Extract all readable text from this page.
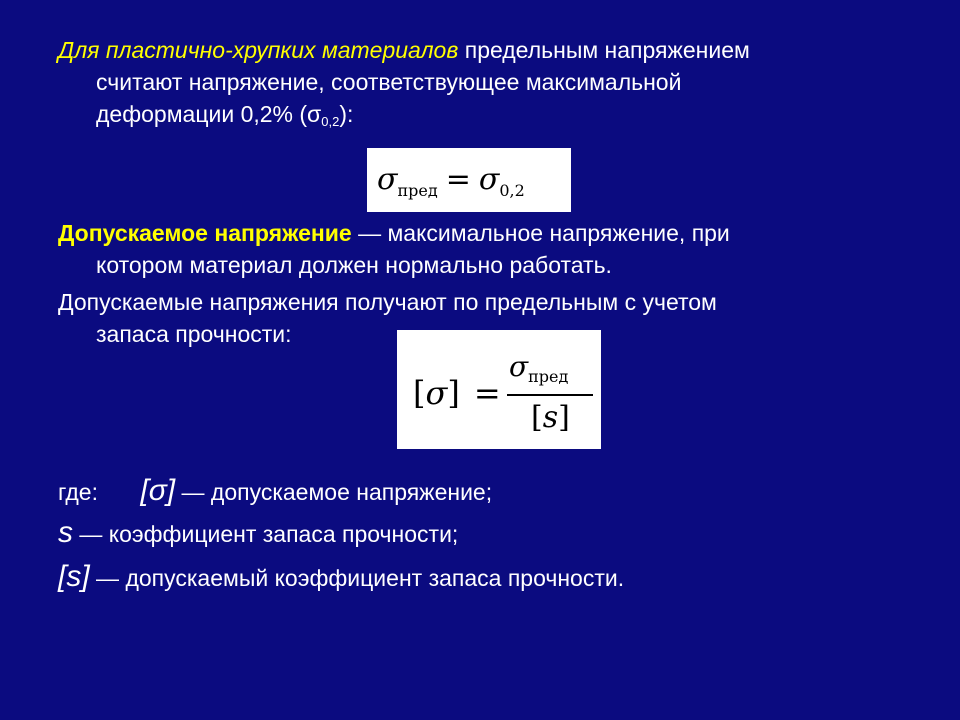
Для пластично-хрупких материалов предельным напряжением
считают напряжение, соответствующее максимальной
деформации 0,2% $(\sigma_{0,2})$:
$\sigma_{пред} = \sigma_{0,2}$
Допускаемое напряжение — максимальное напряжение, при
котором материал должен нормально работать.
Допускаемые напряжения получают по предельным с учетом
запаса прочности:
[σ] =
$\sigma_{пред}$
[s]
где: [σ] — допускаемое напряжение;
s — коэффициент запаса прочности;
[s] — допускаемый коэффициент запаса прочности.
